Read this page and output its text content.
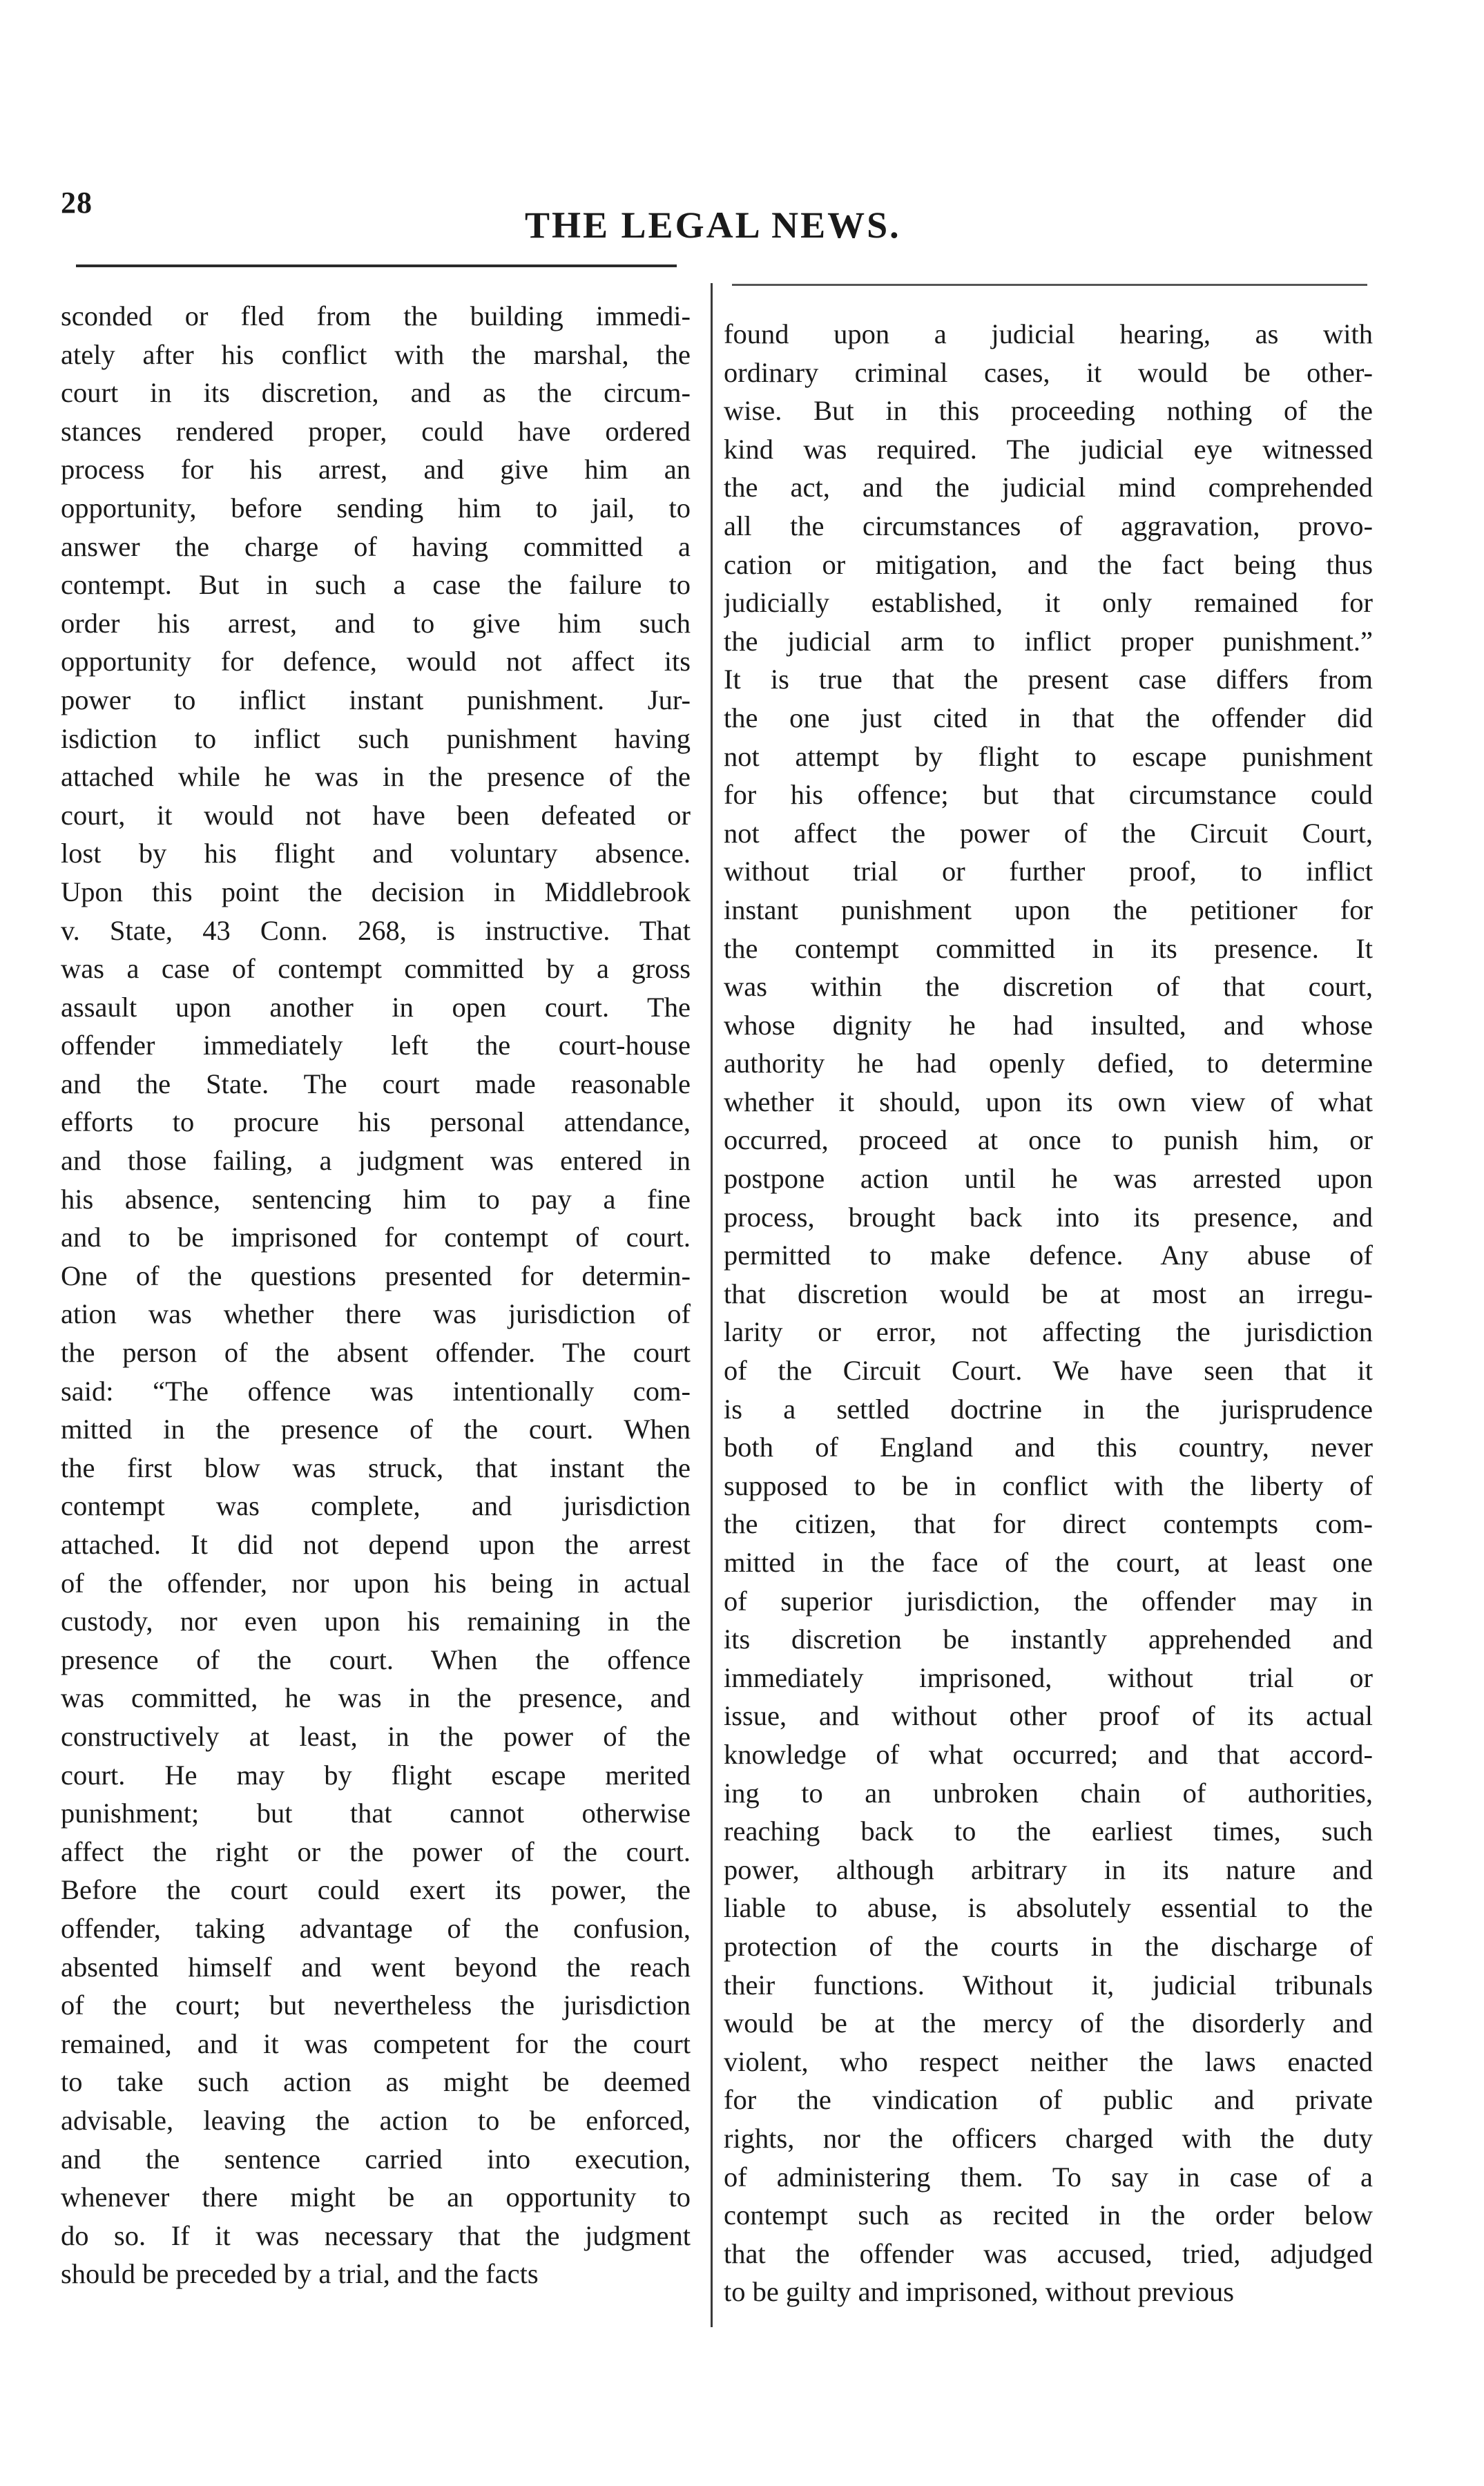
28
THE LEGAL NEWS.
sconded or fled from the building immedi-
ately after his conflict with the marshal, the
court in its discretion, and as the circum-
stances rendered proper, could have ordered
process for his arrest, and give him an
opportunity, before sending him to jail, to
answer the charge of having committed a
contempt. But in such a case the failure to
order his arrest, and to give him such
opportunity for defence, would not affect its
power to inflict instant punishment. Jur-
isdiction to inflict such punishment having
attached while he was in the presence of the
court, it would not have been defeated or
lost by his flight and voluntary absence.
Upon this point the decision in Middlebrook
v. State, 43 Conn. 268, is instructive. That
was a case of contempt committed by a gross
assault upon another in open court. The
offender immediately left the court-house
and the State. The court made reasonable
efforts to procure his personal attendance,
and those failing, a judgment was entered in
his absence, sentencing him to pay a fine
and to be imprisoned for contempt of court.
One of the questions presented for determin-
ation was whether there was jurisdiction of
the person of the absent offender. The court
said: “The offence was intentionally com-
mitted in the presence of the court. When
the first blow was struck, that instant the
contempt was complete, and jurisdiction
attached. It did not depend upon the arrest
of the offender, nor upon his being in actual
custody, nor even upon his remaining in the
presence of the court. When the offence
was committed, he was in the presence, and
constructively at least, in the power of the
court. He may by flight escape merited
punishment; but that cannot otherwise
affect the right or the power of the court.
Before the court could exert its power, the
offender, taking advantage of the confusion,
absented himself and went beyond the reach
of the court; but nevertheless the jurisdiction
remained, and it was competent for the court
to take such action as might be deemed
advisable, leaving the action to be enforced,
and the sentence carried into execution,
whenever there might be an opportunity to
do so. If it was necessary that the judgment
should be preceded by a trial, and the facts
found upon a judicial hearing, as with
ordinary criminal cases, it would be other-
wise. But in this proceeding nothing of the
kind was required. The judicial eye witnessed
the act, and the judicial mind comprehended
all the circumstances of aggravation, provo-
cation or mitigation, and the fact being thus
judicially established, it only remained for
the judicial arm to inflict proper punishment.”
It is true that the present case differs from
the one just cited in that the offender did
not attempt by flight to escape punishment
for his offence; but that circumstance could
not affect the power of the Circuit Court,
without trial or further proof, to inflict
instant punishment upon the petitioner for
the contempt committed in its presence. It
was within the discretion of that court,
whose dignity he had insulted, and whose
authority he had openly defied, to determine
whether it should, upon its own view of what
occurred, proceed at once to punish him, or
postpone action until he was arrested upon
process, brought back into its presence, and
permitted to make defence. Any abuse of
that discretion would be at most an irregu-
larity or error, not affecting the jurisdiction
of the Circuit Court. We have seen that it
is a settled doctrine in the jurisprudence
both of England and this country, never
supposed to be in conflict with the liberty of
the citizen, that for direct contempts com-
mitted in the face of the court, at least one
of superior jurisdiction, the offender may in
its discretion be instantly apprehended and
immediately imprisoned, without trial or
issue, and without other proof of its actual
knowledge of what occurred; and that accord-
ing to an unbroken chain of authorities,
reaching back to the earliest times, such
power, although arbitrary in its nature and
liable to abuse, is absolutely essential to the
protection of the courts in the discharge of
their functions. Without it, judicial tribunals
would be at the mercy of the disorderly and
violent, who respect neither the laws enacted
for the vindication of public and private
rights, nor the officers charged with the duty
of administering them. To say in case of a
contempt such as recited in the order below
that the offender was accused, tried, adjudged
to be guilty and imprisoned, without previous
